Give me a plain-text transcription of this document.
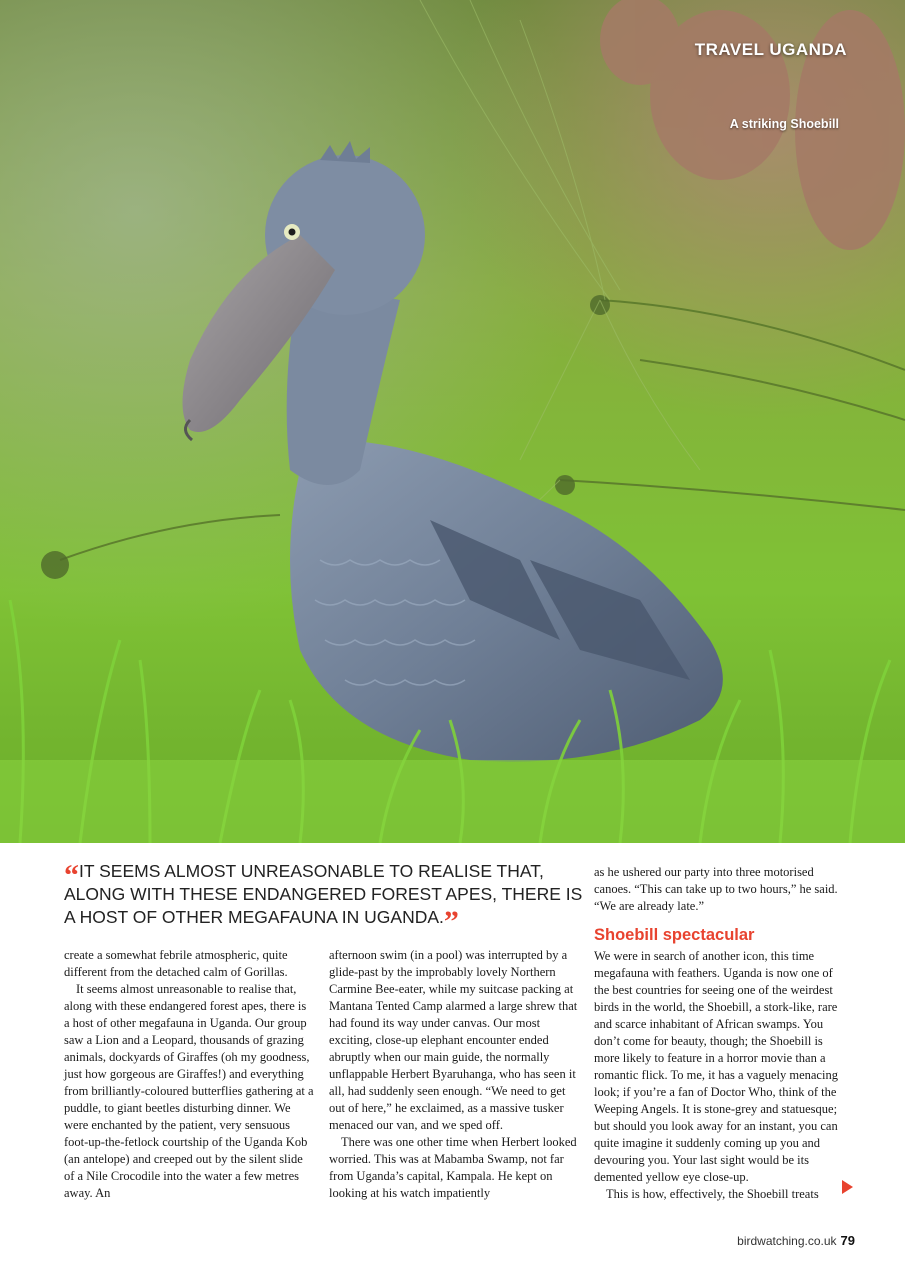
TRAVEL UGANDA
A striking Shoebill

“IT SEEMS ALMOST UNREASONABLE TO REALISE THAT, ALONG WITH THESE ENDANGERED FOREST APES, THERE IS A HOST OF OTHER MEGAFAUNA IN UGANDA.”

create a somewhat febrile atmospheric, quite different from the detached calm of Gorillas.

It seems almost unreasonable to realise that, along with these endangered forest apes, there is a host of other megafauna in Uganda. Our group saw a Lion and a Leopard, thousands of grazing animals, dockyards of Giraffes (oh my goodness, just how gorgeous are Giraffes!) and everything from brilliantly-coloured butterflies gathering at a puddle, to giant beetles disturbing dinner. We were enchanted by the patient, very sensuous foot-up-the-fetlock courtship of the Uganda Kob (an antelope) and creeped out by the silent slide of a Nile Crocodile into the water a few metres away. An

afternoon swim (in a pool) was interrupted by a glide-past by the improbably lovely Northern Carmine Bee-eater, while my suitcase packing at Mantana Tented Camp alarmed a large shrew that had found its way under canvas. Our most exciting, close-up elephant encounter ended abruptly when our main guide, the normally unflappable Herbert Byaruhanga, who has seen it all, had suddenly seen enough. “We need to get out of here,” he exclaimed, as a massive tusker menaced our van, and we sped off.

There was one other time when Herbert looked worried. This was at Mabamba Swamp, not far from Uganda’s capital, Kampala. He kept on looking at his watch impatiently

as he ushered our party into three motorised canoes. “This can take up to two hours,” he said. “We are already late.”

Shoebill spectacular

We were in search of another icon, this time megafauna with feathers. Uganda is now one of the best countries for seeing one of the weirdest birds in the world, the Shoebill, a stork-like, rare and scarce inhabitant of African swamps. You don’t come for beauty, though; the Shoebill is more likely to feature in a horror movie than a romantic flick. To me, it has a vaguely menacing look; if you’re a fan of Doctor Who, think of the Weeping Angels. It is stone-grey and statuesque; but should you look away for an instant, you can quite imagine it suddenly coming up you and devouring you. Your last sight would be its demented yellow eye close-up.

This is how, effectively, the Shoebill treats

birdwatching.co.uk 79
